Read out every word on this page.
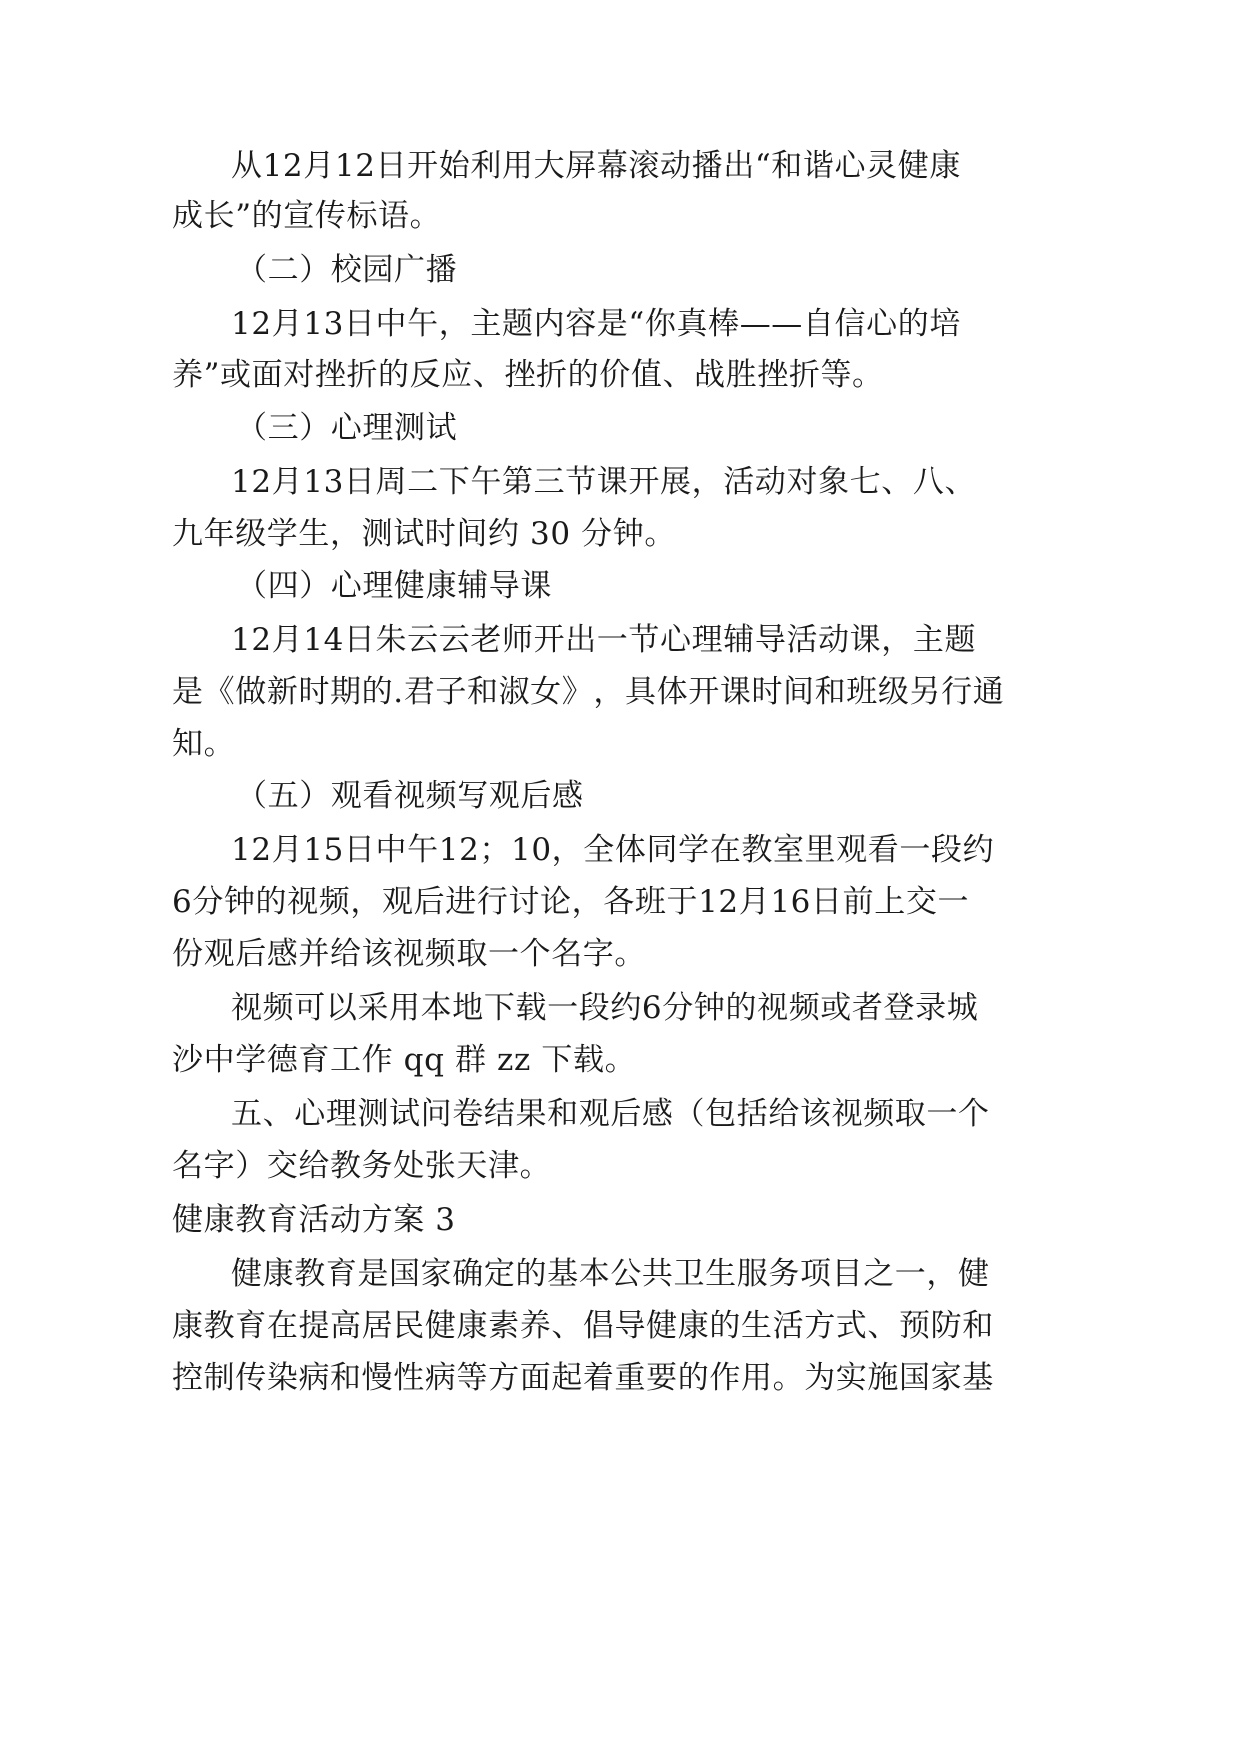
从 12 月 12 日 开 始 利 用 大 屏 幕 滚 动 播 出 “ 和 谐 心 灵 健 康
成长”的宣传标语。
（二）校园广播
12 月 13 日 中 午 ， 主 题 内 容 是 “ 你 真 棒 — — 自 信 心 的 培
养”或面对挫折的反应、挫折的价值、战胜挫折等。
（三）心理测试
12 月 13 日 周 二 下 午 第 三 节 课 开 展 ， 活 动 对 象 七 、 八 、
九年级学生，测试时间约 30 分钟。
（四）心理健康辅导课
12 月 14 日 朱 云 云 老 师 开 出 一 节 心 理 辅 导 活 动 课 ， 主 题
是 《 做 新 时 期 的 . 君 子 和 淑 女 》 ， 具 体 开 课 时 间 和 班 级 另 行 通
知。
（五）观看视频写观后感
12 月 15 日 中 午 12 ； 10 ， 全 体 同 学 在 教 室 里 观 看 一 段 约
6 分 钟 的 视 频 ， 观 后 进 行 讨 论 ， 各 班 于 12 月 16 日 前 上 交 一
份观后感并给该视频取一个名字。
视 频 可 以 采 用 本 地 下 载 一 段 约 6 分 钟 的 视 频 或 者 登 录 城
沙中学德育工作 qq 群 zz 下载。
五 、 心 理 测 试 问 卷 结 果 和 观 后 感 （ 包 括 给 该 视 频 取 一 个
名字）交给教务处张天津。
健康教育活动方案 3
健 康 教 育 是 国 家 确 定 的 基 本 公 共 卫 生 服 务 项 目 之 一 ， 健
康 教 育 在 提 高 居 民 健 康 素 养 、 倡 导 健 康 的 生 活 方 式 、 预 防 和
控 制 传 染 病 和 慢 性 病 等 方 面 起 着 重 要 的 作 用 。 为 实 施 国 家 基
